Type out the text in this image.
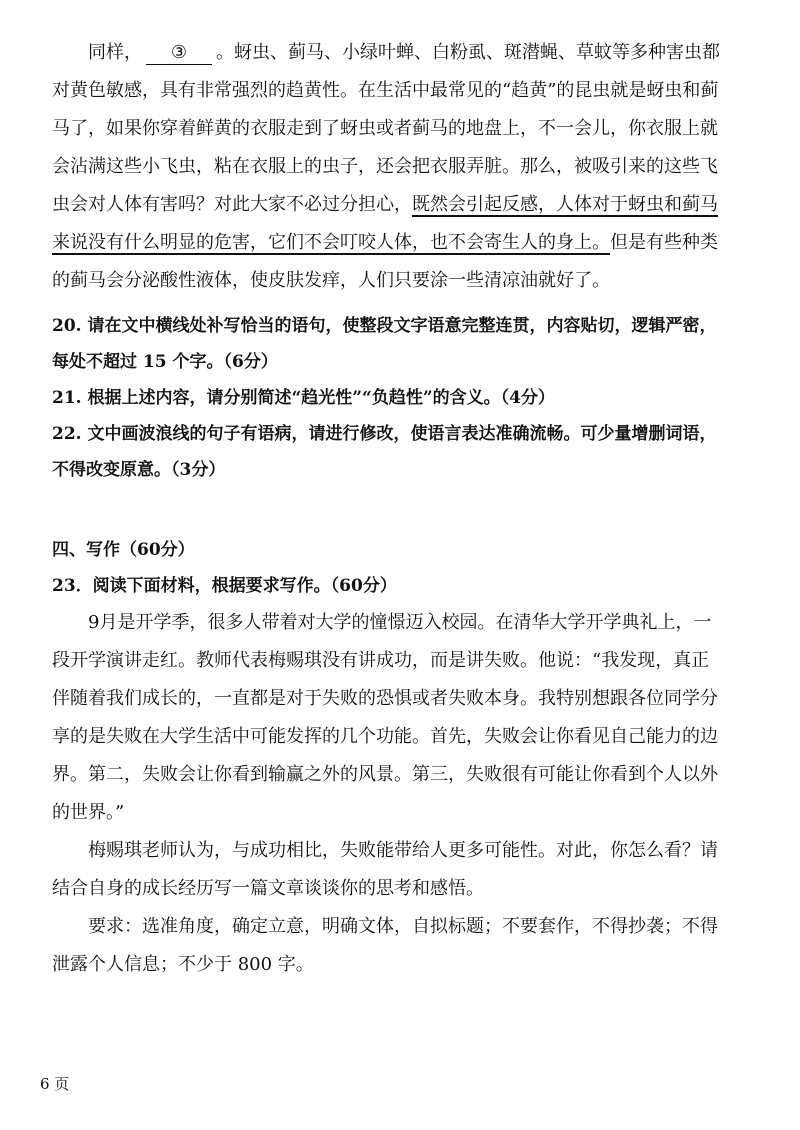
同样， ③ 。蚜虫、蓟马、小绿叶蝉、白粉虱、斑潜蝇、草蚊等多种害虫都对黄色敏感，具有非常强烈的趋黄性。在生活中最常见的“趋黄”的昆虫就是蚜虫和蓟马了，如果你穿着鲜黄的衣服走到了蚜虫或者蓟马的地盘上，不一会儿，你衣服上就会沾满这些小飞虫，粘在衣服上的虫子，还会把衣服弄脏。那么，被吸引来的这些飞虫会对人体有害吗？对此大家不必过分担心，既然会引起反感，人体对于蚜虫和蓟马来说没有什么明显的危害，它们不会叮咬人体，也不会寄生人的身上。但是有些种类的蓟马会分泌酸性液体，使皮肤发痒，人们只要涂一些清凉油就好了。

20. 请在文中横线处补写恰当的语句，使整段文字语意完整连贯，内容贴切，逻辑严密，每处不超过 15 个字。（6分）

21. 根据上述内容，请分别简述“趋光性”“负趋性”的含义。（4分）

22. 文中画波浪线的句子有语病，请进行修改，使语言表达准确流畅。可少量增删词语，不得改变原意。（3分）

四、写作（60分）
23．阅读下面材料，根据要求写作。（60分）

9月是开学季，很多人带着对大学的憧憬迈入校园。在清华大学开学典礼上，一段开学演讲走红。教师代表梅赐琪没有讲成功，而是讲失败。他说：“我发现，真正伴随着我们成长的，一直都是对于失败的恐惧或者失败本身。我特别想跟各位同学分享的是失败在大学生活中可能发挥的几个功能。首先，失败会让你看见自己能力的边界。第二，失败会让你看到输赢之外的风景。第三，失败很有可能让你看到个人以外的世界。”

梅赐琪老师认为，与成功相比，失败能带给人更多可能性。对此，你怎么看？请结合自身的成长经历写一篇文章谈谈你的思考和感悟。

要求：选准角度，确定立意，明确文体，自拟标题；不要套作，不得抄袭；不得泄露个人信息；不少于 800 字。

6 页
